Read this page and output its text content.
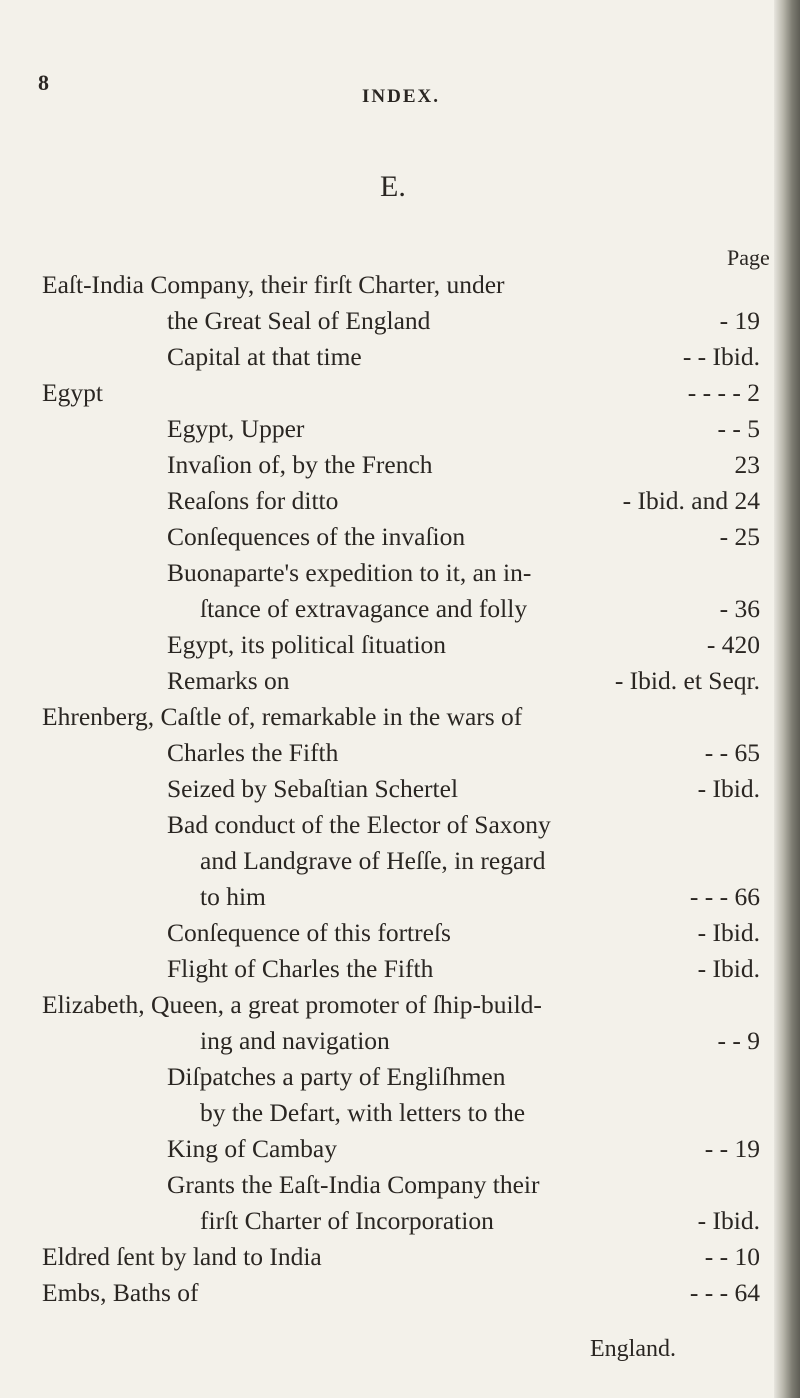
8
INDEX.
E.
Page
Eaſt-India Company, their firſt Charter, under
the Great Seal of England	- 19
Capital at that time	- - Ibid.
Egypt	- - - - 2
Egypt, Upper	- - 5
Invaſion of, by the French	23
Reaſons for ditto	- Ibid. and 24
Conſequences of the invaſion	- 25
Buonaparte's expedition to it, an in-
ſtance of extravagance and folly	- 36
Egypt, its political ſituation	- 420
Remarks on	- Ibid. et Seqr.
Ehrenberg, Caſtle of, remarkable in the wars of
Charles the Fifth	- - 65
Seized by Sebaſtian Schertel	- Ibid.
Bad conduct of the Elector of Saxony
and Landgrave of Heſſe, in regard
to him	- - - 66
Conſequence of this fortreſs	- Ibid.
Flight of Charles the Fifth	- Ibid.
Elizabeth, Queen, a great promoter of ſhip-build-
ing and navigation	- - 9
Diſpatches a party of Engliſhmen
by the Defart, with letters to the
King of Cambay	- - 19
Grants the Eaſt-India Company their
firſt Charter of Incorporation	- Ibid.
Eldred ſent by land to India	- - 10
Embs, Baths of	- - - 64
England.
